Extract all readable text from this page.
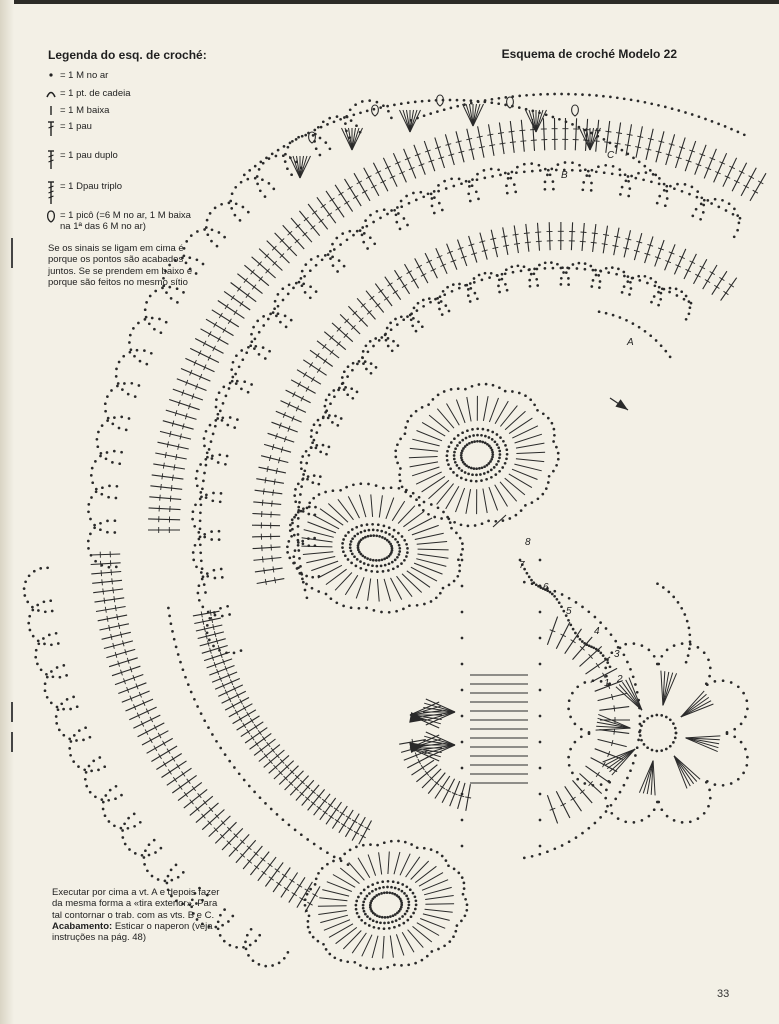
A
B
C
1 2
3
4
5
6
7
8
Legenda do esq. de croché:	Esquema de croché Modelo 22
= 1 M no ar
= 1 pt. de cadeia
= 1 M baixa
= 1 pau
= 1 pau duplo
= 1 Dpau triplo
= 1 picô (=6 M no ar, 1 M baixa
na 1ª das 6 M no ar)
Se os sinais se ligam em cima é
porque os pontos são acabados
juntos. Se se prendem em baixo é
porque são feitos no mesmo sítio
Executar por cima a vt. A e depois fazer
da mesma forma a «tira exterior». Para
tal contornar o trab. com as vts. B e C.
Acabamento: Esticar o naperon (veja
instruções na pág. 48)
33
